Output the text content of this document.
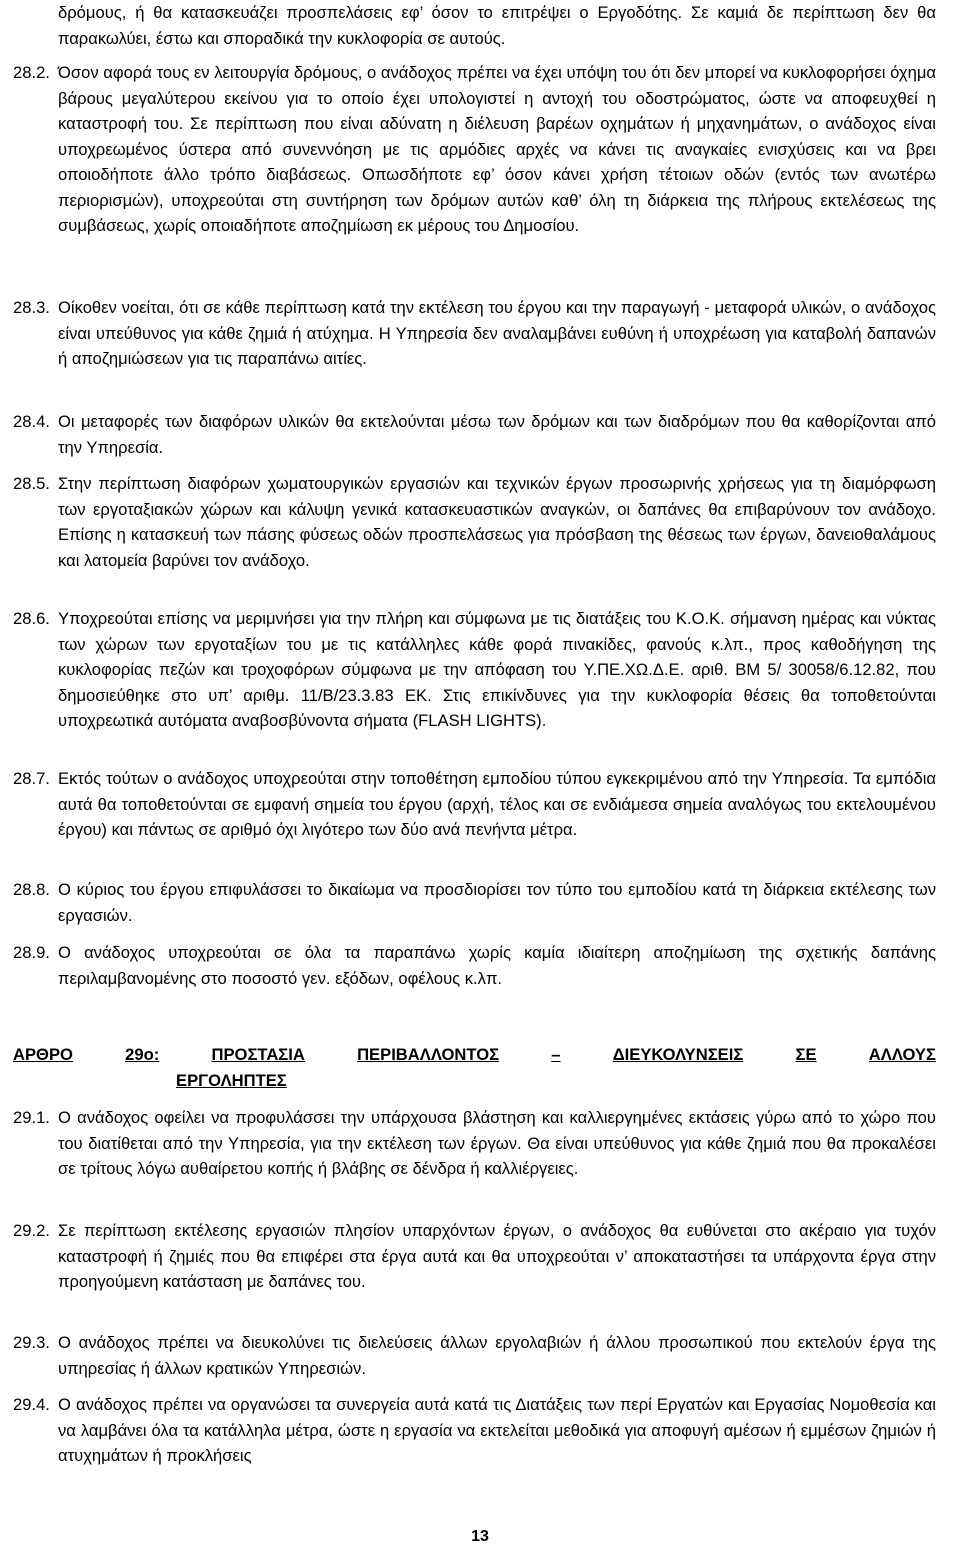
δρόμους, ή θα κατασκευάζει προσπελάσεις εφ’ όσον το επιτρέψει ο Εργοδότης. Σε καμιά δε περίπτωση δεν θα παρακωλύει, έστω και σποραδικά την κυκλοφορία σε αυτούς.

28.2. Όσον αφορά τους εν λειτουργία δρόμους, ο ανάδοχος πρέπει να έχει υπόψη του ότι δεν μπορεί να κυκλοφορήσει όχημα βάρους μεγαλύτερου εκείνου για το οποίο έχει υπολογιστεί η αντοχή του οδοστρώματος, ώστε να αποφευχθεί η καταστροφή του. Σε περίπτωση που είναι αδύνατη η διέλευση βαρέων οχημάτων ή μηχανημάτων, ο ανάδοχος είναι υποχρεωμένος ύστερα από συνεννόηση με τις αρμόδιες αρχές να κάνει τις αναγκαίες ενισχύσεις και να βρει οποιοδήποτε άλλο τρόπο διαβάσεως. Οπωσδήποτε εφ’ όσον κάνει χρήση τέτοιων οδών (εντός των ανωτέρω περιορισμών), υποχρεούται στη συντήρηση των δρόμων αυτών καθ’ όλη τη διάρκεια της πλήρους εκτελέσεως της συμβάσεως, χωρίς οποιαδήποτε αποζημίωση εκ μέρους του Δημοσίου.
28.3. Οίκοθεν νοείται, ότι σε κάθε περίπτωση κατά την εκτέλεση του έργου και την παραγωγή - μεταφορά υλικών, ο ανάδοχος είναι υπεύθυνος για κάθε ζημιά ή ατύχημα. Η Υπηρεσία δεν αναλαμβάνει ευθύνη ή υποχρέωση για καταβολή δαπανών ή αποζημιώσεων για τις παραπάνω αιτίες.
28.4. Οι μεταφορές των διαφόρων υλικών θα εκτελούνται μέσω των δρόμων και των διαδρόμων που θα καθορίζονται από την Υπηρεσία.
28.5. Στην περίπτωση διαφόρων χωματουργικών εργασιών και τεχνικών έργων προσωρινής χρήσεως για τη διαμόρφωση των εργοταξιακών χώρων και κάλυψη γενικά κατασκευαστικών αναγκών, οι δαπάνες θα επιβαρύνουν τον ανάδοχο. Επίσης η κατασκευή των πάσης φύσεως οδών προσπελάσεως για πρόσβαση της θέσεως των έργων, δανειοθαλάμους και λατομεία βαρύνει τον ανάδοχο.
28.6. Υποχρεούται επίσης να μεριμνήσει για την πλήρη και σύμφωνα με τις διατάξεις του Κ.Ο.Κ. σήμανση ημέρας και νύκτας των χώρων των εργοταξίων του με τις κατάλληλες κάθε φορά πινακίδες, φανούς κ.λπ., προς καθοδήγηση της κυκλοφορίας πεζών και τροχοφόρων σύμφωνα με την απόφαση του Υ.ΠΕ.ΧΩ.Δ.Ε. αριθ. ΒΜ 5/ 30058/6.12.82, που δημοσιεύθηκε στο υπ’ αριθμ. 11/Β/23.3.83 ΕΚ. Στις επικίνδυνες για την κυκλοφορία θέσεις θα τοποθετούνται υποχρεωτικά αυτόματα αναβοσβύνοντα σήματα (FLASH LIGHTS).
28.7. Εκτός τούτων ο ανάδοχος υποχρεούται στην τοποθέτηση εμποδίου τύπου εγκεκριμένου από την Υπηρεσία. Τα εμπόδια αυτά θα τοποθετούνται σε εμφανή σημεία του έργου (αρχή, τέλος και σε ενδιάμεσα σημεία αναλόγως του εκτελουμένου έργου) και πάντως σε αριθμό όχι λιγότερο των δύο ανά πενήντα μέτρα.
28.8. Ο κύριος του έργου επιφυλάσσει το δικαίωμα να προσδιορίσει τον τύπο του εμποδίου κατά τη διάρκεια εκτέλεσης των εργασιών.
28.9. Ο ανάδοχος υποχρεούται σε όλα τα παραπάνω χωρίς καμία ιδιαίτερη αποζημίωση της σχετικής δαπάνης περιλαμβανομένης στο ποσοστό γεν. εξόδων, οφέλους κ.λπ.
ΑΡΘΡΟ	29ο:	ΠΡΟΣΤΑΣΙΑ	ΠΕΡΙΒΑΛΛΟΝΤΟΣ	–	ΔΙΕΥΚΟΛΥΝΣΕΙΣ	ΣΕ	ΑΛΛΟΥΣ
ΕΡΓΟΛΗΠΤΕΣ
29.1. Ο ανάδοχος οφείλει να προφυλάσσει την υπάρχουσα βλάστηση και καλλιεργημένες εκτάσεις γύρω από το χώρο που του διατίθεται από την Υπηρεσία, για την εκτέλεση των έργων. Θα είναι υπεύθυνος για κάθε ζημιά που θα προκαλέσει σε τρίτους λόγω αυθαίρετου κοπής ή βλάβης σε δένδρα ή καλλιέργειες.
29.2. Σε περίπτωση εκτέλεσης εργασιών πλησίον υπαρχόντων έργων, ο ανάδοχος θα ευθύνεται στο ακέραιο για τυχόν καταστροφή ή ζημιές που θα επιφέρει στα έργα αυτά και θα υποχρεούται ν’ αποκαταστήσει τα υπάρχοντα έργα στην προηγούμενη κατάσταση με δαπάνες του.
29.3. Ο ανάδοχος πρέπει να διευκολύνει τις διελεύσεις άλλων εργολαβιών ή άλλου προσωπικού που εκτελούν έργα της υπηρεσίας ή άλλων κρατικών Υπηρεσιών.
29.4. Ο ανάδοχος πρέπει να οργανώσει τα συνεργεία αυτά κατά τις Διατάξεις των περί Εργατών και Εργασίας Νομοθεσία και να λαμβάνει όλα τα κατάλληλα μέτρα, ώστε η εργασία να εκτελείται μεθοδικά για αποφυγή αμέσων ή εμμέσων ζημιών ή ατυχημάτων ή προκλήσεις
13
